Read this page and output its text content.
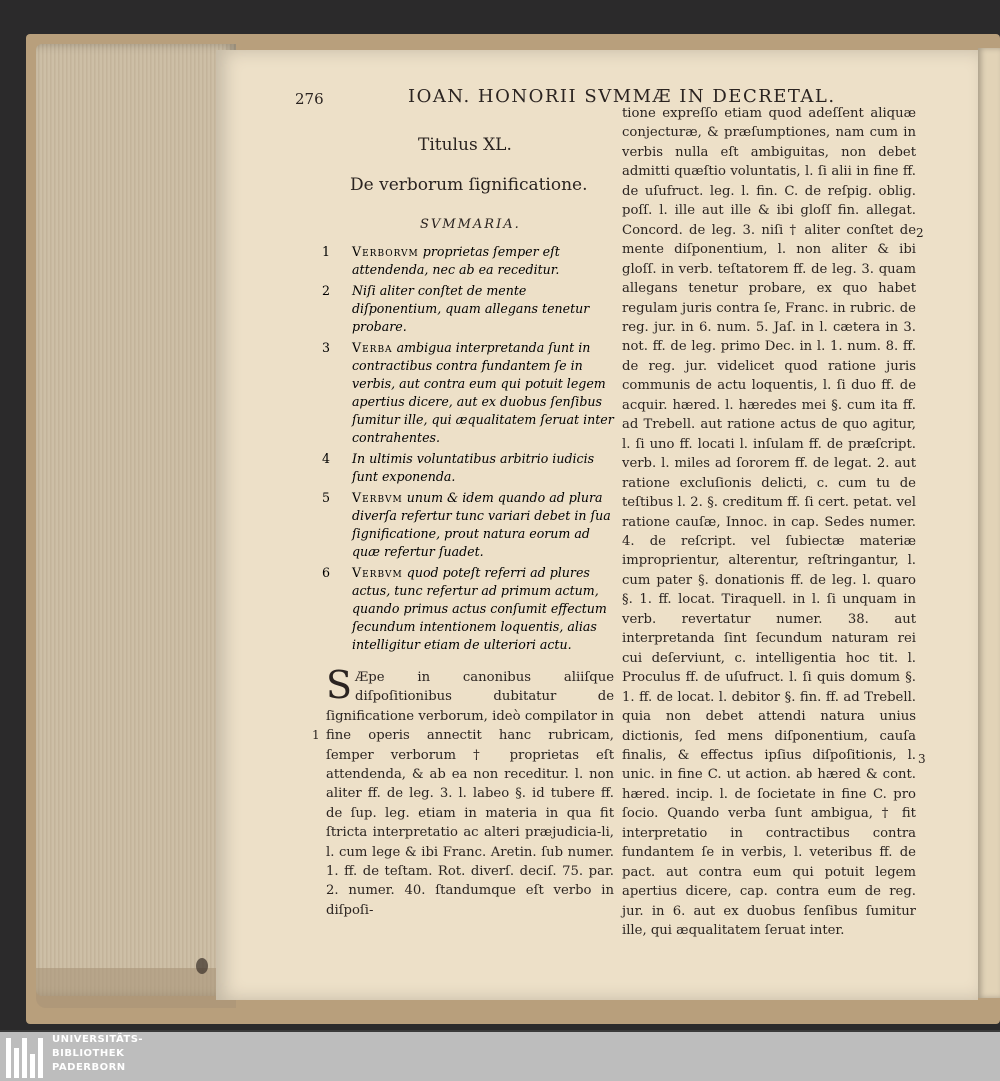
276	IOAN. HONORII SVMMÆ IN DECRETAL.
Titulus XL.
De verborum ſignificatione.
SVMMARIA.
1 Verborvm proprietas ſemper eſt attendenda, nec ab ea receditur.
2 Niſi aliter conſtet de mente diſponentium, quam allegans tenetur probare.
3 Verba ambigua interpretanda ſunt in contractibus contra fundantem ſe in verbis, aut contra eum qui potuit legem apertius dicere, aut ex duobus ſenſibus ſumitur ille, qui æqualitatem ſeruat inter contrahentes.
4 In ultimis voluntatibus arbitrio iudicis ſunt exponenda.
5 Verbvm unum & idem quando ad plura diverſa refertur tunc variari debet in ſua ſignificatione, prout natura eorum ad quæ refertur ſuadet.
6 Verbvm quod poteſt referri ad plures actus, tunc refertur ad primum actum, quando primus actus conſumit effectum ſecundum intentionem loquentis, alias intelligitur etiam de ulteriori actu.
S Æpe in canonibus aliiſque diſpoſitionibus dubitatur de ſignificatione verborum, ideò compilator in fine operis annectit hanc rubricam, ſemper verborum † proprietas eſt attendenda, & ab ea non receditur. l. non aliter ff. de leg. 3. l. labeo §. id tubere ff. de ſup. leg. etiam in materia in qua fit ſtricta interpretatio ac alteri præjudicia-li, l. cum lege & ibi Franc. Aretin. ſub numer. 1. ff. de teſtam. Rot. diverſ. deciſ. 75. par. 2. numer. 40. ſtandumque eſt verbo in diſpoſi-
tione expreſſo etiam quod adeſſent aliquæ conjecturæ, & præſumptiones, nam cum in verbis nulla eſt ambiguitas, non debet admitti quæſtio voluntatis, l. ſi alii in fine ff. de uſufruct. leg. l. fin. C. de reſpig. oblig. poſſ. l. ille aut ille & ibi gloſſ fin. allegat. Concord. de leg. 3. niſi † aliter conſtet de mente diſponentium, l. non aliter & ibi gloſſ. in verb. teſtatorem ff. de leg. 3. quam allegans tenetur probare, ex quo habet regulam juris contra ſe, Franc. in rubric. de reg. jur. in 6. num. 5. Jaſ. in l. cætera in 3. not. ff. de leg. primo Dec. in l. 1. num. 8. ff. de reg. jur. videlicet quod ratione juris communis de actu loquentis, l. ſi duo ff. de acquir. hæred. l. hæredes mei §. cum ita ff. ad Trebell. aut ratione actus de quo agitur, l. ſi uno ff. locati l. inſulam ff. de præſcript. verb. l. miles ad ſororem ff. de legat. 2. aut ratione excluſionis delicti, c. cum tu de teſtibus l. 2. §. creditum ff. ſi cert. petat. vel ratione cauſæ, Innoc. in cap. Sedes numer. 4. de reſcript. vel ſubiectæ materiæ improprientur, alterentur, reſtringantur, l. cum pater §. donationis ff. de leg. l. quaro §. 1. ff. locat. Tiraquell. in l. ſi unquam in verb. revertatur numer. 38. aut interpretanda ſint ſecundum naturam rei cui deſerviunt, c. intelligentia hoc tit. l. Proculus ff. de uſufruct. l. ſi quis domum §. 1. ff. de locat. l. debitor §. fin. ff. ad Trebell. quia non debet attendi natura unius dictionis, ſed mens diſponentium, cauſa finalis, & effectus ipſius diſpoſitionis, l. unic. in fine C. ut action. ab hæred & cont. hæred. incip. l. de ſocietate in fine C. pro ſocio. Quando verba ſunt ambigua, † fit interpretatio in contractibus contra fundantem ſe in verbis, l. veteribus ff. de pact. aut contra eum qui potuit legem apertius dicere, cap. contra eum de reg. jur. in 6. aut ex duobus ſenſibus ſumitur ille, qui æqualitatem ſeruat inter.
1
2
3
UNIVERSITÄTS-
BIBLIOTHEK
PADERBORN
